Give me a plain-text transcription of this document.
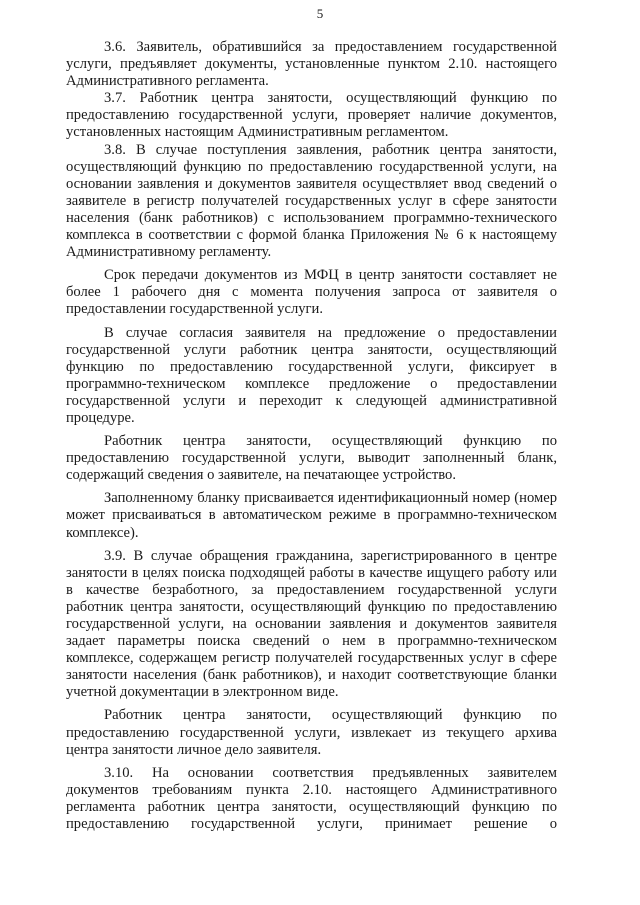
5

3.6. Заявитель, обратившийся за предоставлением государственной услуги, предъявляет документы, установленные пунктом 2.10. настоящего Административного регламента.

3.7. Работник центра занятости, осуществляющий функцию по предоставлению государственной услуги, проверяет наличие документов, установленных настоящим Административным регламентом.

3.8. В случае поступления заявления, работник центра занятости, осуществляющий функцию по предоставлению государственной услуги, на основании заявления и документов заявителя осуществляет ввод сведений о заявителе в регистр получателей государственных услуг в сфере занятости населения (банк работников) с использованием программно-технического комплекса в соответствии с формой бланка Приложения № 6 к настоящему Административному регламенту.

Срок передачи документов из МФЦ в центр занятости составляет не более 1 рабочего дня с момента получения запроса от заявителя о предоставлении государственной услуги.

В случае согласия заявителя на предложение о предоставлении государственной услуги работник центра занятости, осуществляющий функцию по предоставлению государственной услуги, фиксирует в программно-техническом комплексе предложение о предоставлении государственной услуги и переходит к следующей административной процедуре.

Работник центра занятости, осуществляющий функцию по предоставлению государственной услуги, выводит заполненный бланк, содержащий сведения о заявителе, на печатающее устройство.

Заполненному бланку присваивается идентификационный номер (номер может присваиваться в автоматическом режиме в программно-техническом комплексе).

3.9. В случае обращения гражданина, зарегистрированного в центре занятости в целях поиска подходящей работы в качестве ищущего работу или в качестве безработного, за предоставлением государственной услуги работник центра занятости, осуществляющий функцию по предоставлению государственной услуги, на основании заявления и документов заявителя задает параметры поиска сведений о нем в программно-техническом комплексе, содержащем регистр получателей государственных услуг в сфере занятости населения (банк работников), и находит соответствующие бланки учетной документации в электронном виде.

Работник центра занятости, осуществляющий функцию по предоставлению государственной услуги, извлекает из текущего архива центра занятости личное дело заявителя.

3.10. На основании соответствия предъявленных заявителем документов требованиям пункта 2.10. настоящего Административного регламента работник центра занятости, осуществляющий функцию по предоставлению государственной услуги, принимает решение о
